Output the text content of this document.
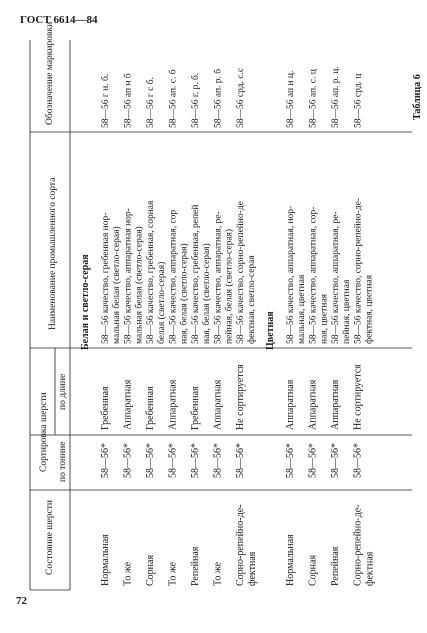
ГОСТ 6614—84
72
Таблица 6
Состояние шерсти
Сортировка шерсти по тонине
по длине
Наименование промышленного сорта
Обозначение маркировки
Белая и светло-серая
Нормальная
58—56*
Гребенная
58—56 качество, гребенная нор- мальная белая (светло-серая)
58—56 г н. б.
То же
58—56*
Аппаратная
58—56 качество, аппаратная нор- мальная белая (светло-серая)
58—56 ап н б
Сорная
58—56*
Гребенная
58—56 качество, гребенная, сорная белая (светло-серая)
58—56 г с б.
То же
58—56*
Аппаратная
58—56 качество, аппаратная, сор ная, белая (светло-серая)
58—56 ап. с. б
Репейная
58—56*
Гребенная
58—56 качество, гребенная, репей ная, белая (светло-серая)
58—56 г. р. б.
То же
58—56*
Аппаратная
58—56 качество, аппаратная, ре- пейная, белая (светло-серая)
58—56 ап. р. б
Сорно-репейно-де- фектная
58—56*
Не сортируется
58—56 качество, сорно-репейно-де фектная, светло-серая
58—56 срд. с.с
Цветная
Нормальная
58—56*
Аппаратная
58—56 качество, аппаратная, нор- мальная, цветная
58—56 ап н ц.
Сорная
58—56*
Аппаратная
58—56 качество, аппаратная, сор- ная, цветная
58—56 ап. с. ц
Репейная
58—56*
Аппаратная
58—56 качество, аппаратная, ре- пейная, цветная
58—56 ап. р. ц.
Сорно-репейно-де- фектная
58—56*
Не сортируется
58—56 качество, сорно-репейно-де- фектная, цветная
58—56 срд. ц
